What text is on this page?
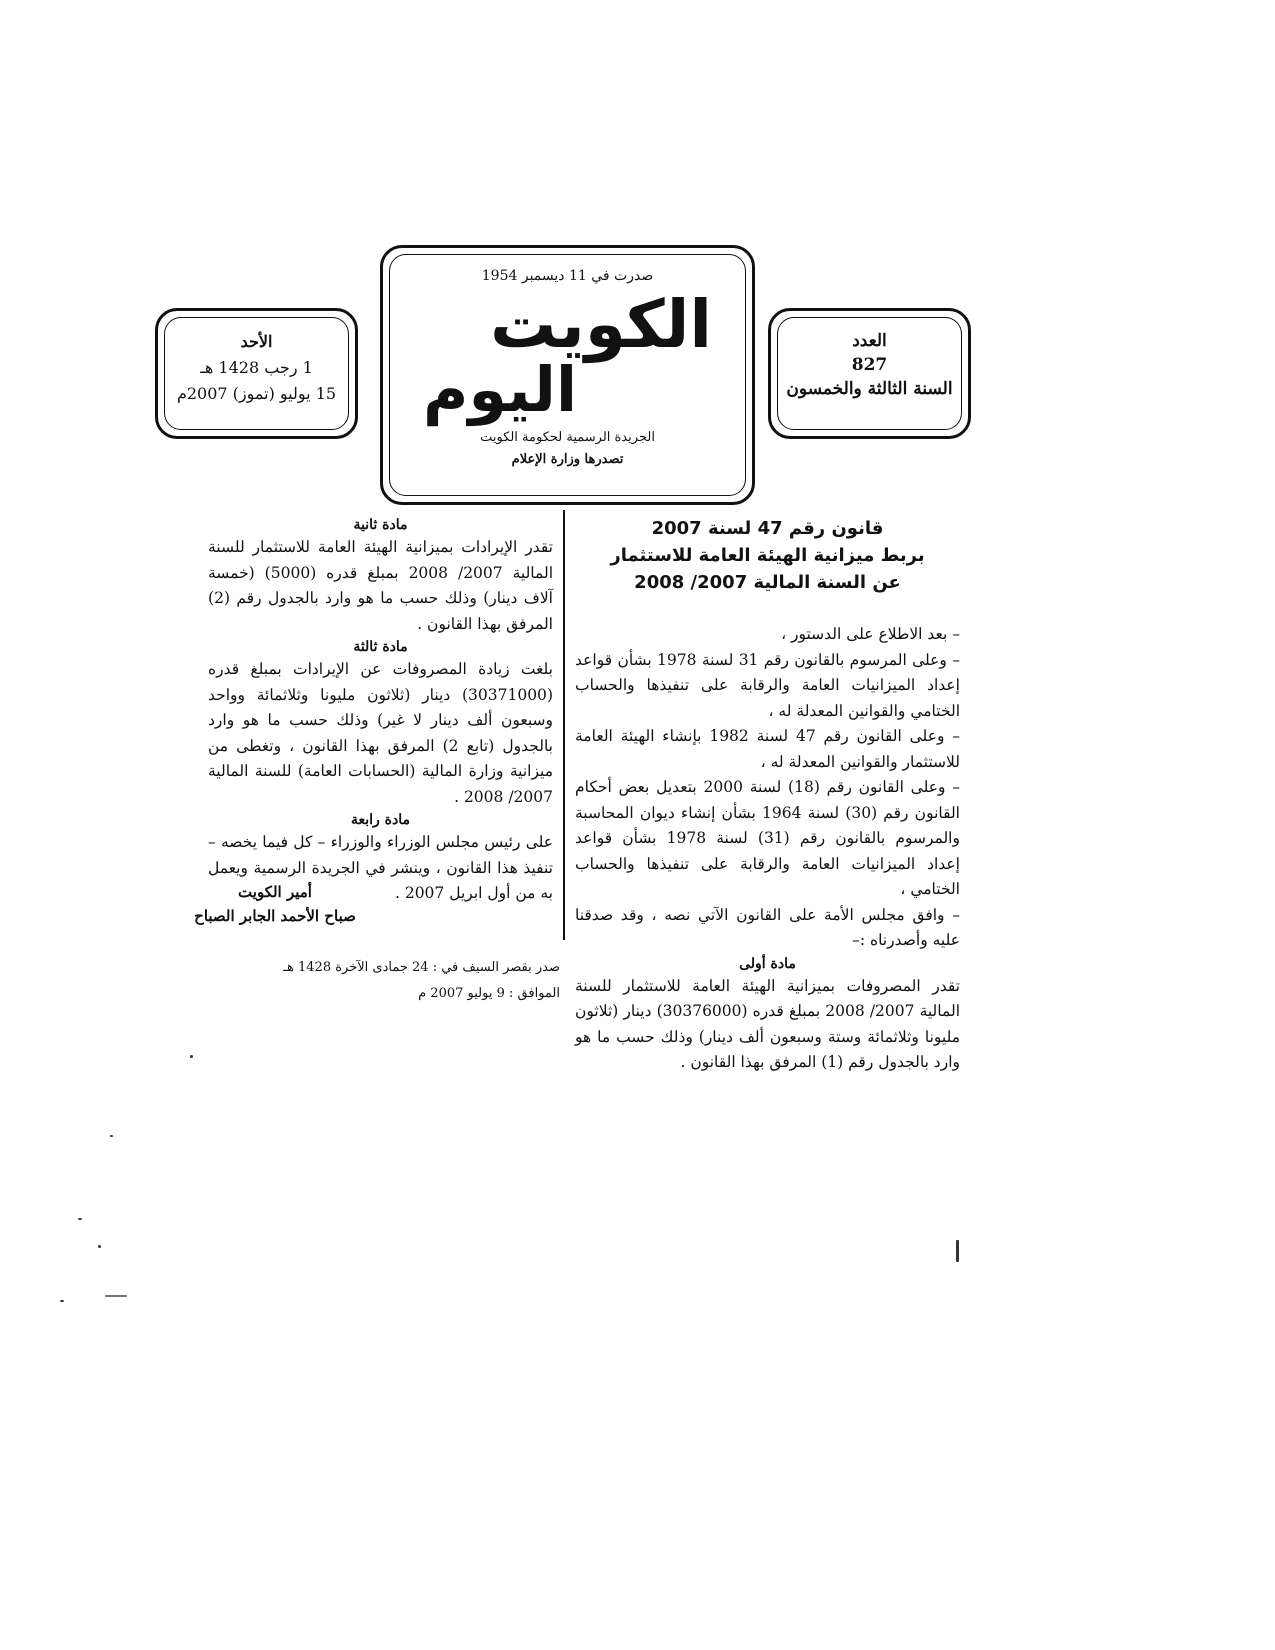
العدد
827
السنة الثالثة والخمسون
صدرت في 11 ديسمبر 1954
الكويت
اليوم
الجريدة الرسمية لحكومة الكويت
تصدرها وزارة الإعلام
الأحد
1 رجب 1428 هـ
15 يوليو (تموز) 2007م
قانون رقم 47 لسنة 2007
بربط ميزانية الهيئة العامة للاستثمار
عن السنة المالية 2007/ 2008

– بعد الاطلاع على الدستور ،

– وعلى المرسوم بالقانون رقم 31 لسنة 1978 بشأن قواعد إعداد الميزانيات العامة والرقابة على تنفيذها والحساب الختامي والقوانين المعدلة له ،

– وعلى القانون رقم 47 لسنة 1982 بإنشاء الهيئة العامة للاستثمار والقوانين المعدلة له ،

– وعلى القانون رقم (18) لسنة 2000 بتعديل بعض أحكام القانون رقم (30) لسنة 1964 بشأن إنشاء ديوان المحاسبة والمرسوم بالقانون رقم (31) لسنة 1978 بشأن قواعد إعداد الميزانيات العامة والرقابة على تنفيذها والحساب الختامي ،

– وافق مجلس الأمة على القانون الآتي نصه ، وقد صدقنا عليه وأصدرناه :–

مادة أولى

تقدر المصروفات بميزانية الهيئة العامة للاستثمار للسنة المالية 2007/ 2008 بمبلغ قدره (30376000) دينار (ثلاثون مليونا وثلاثمائة وستة وسبعون ألف دينار) وذلك حسب ما هو وارد بالجدول رقم (1) المرفق بهذا القانون .

مادة ثانية

تقدر الإيرادات بميزانية الهيئة العامة للاستثمار للسنة المالية 2007/ 2008 بمبلغ قدره (5000) (خمسة آلاف دينار) وذلك حسب ما هو وارد بالجدول رقم (2) المرفق بهذا القانون .

مادة ثالثة

بلغت زيادة المصروفات عن الإيرادات بمبلغ قدره (30371000) دينار (ثلاثون مليونا وثلاثمائة وواحد وسبعون ألف دينار لا غير) وذلك حسب ما هو وارد بالجدول (تابع 2) المرفق بهذا القانون ، وتغطى من ميزانية وزارة المالية (الحسابات العامة) للسنة المالية 2007/ 2008 .

مادة رابعة

على رئيس مجلس الوزراء والوزراء – كل فيما يخصه – تنفيذ هذا القانون ، وينشر في الجريدة الرسمية ويعمل به من أول ابريل 2007 .

أمير الكويت
صباح الأحمد الجابر الصباح
صدر بقصر السيف في : 24 جمادى الآخرة 1428 هـ
الموافق : 9 يوليو 2007 م
